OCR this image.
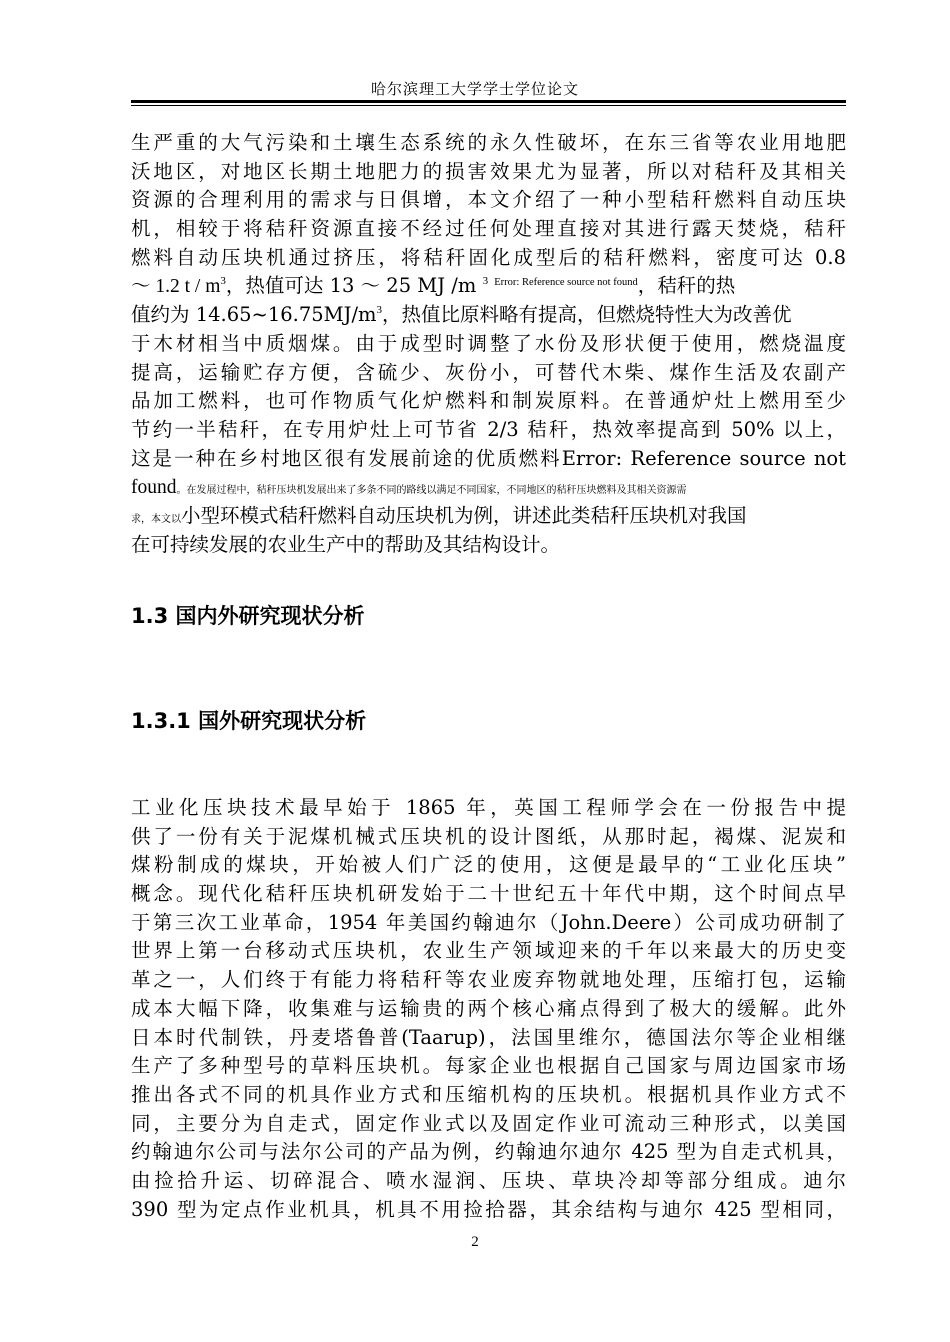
哈尔滨理工大学学士学位论文
生严重的大气污染和土壤生态系统的永久性破坏，在东三省等农业用地肥
沃地区，对地区长期土地肥力的损害效果尤为显著，所以对秸秆及其相关
资源的合理利用的需求与日俱增，本文介绍了一种小型秸秆燃料自动压块
机，相较于将秸秆资源直接不经过任何处理直接对其进行露天焚烧，秸秆
燃料自动压块机通过挤压，将秸秆固化成型后的秸秆燃料，密度可达 0.8
～ 1.2 t / $m^3$，热值可达 13 ～ 25 MJ /m $^3$ $^{Error: Reference source not found}$，秸秆的热
值约为 $14.65\sim 16.75MJ/m^3$，热值比原料略有提高，但燃烧特性大为改善优
于木材相当中质烟煤。由于成型时调整了水份及形状便于使用，燃烧温度
提高，运输贮存方便，含硫少、灰份小，可替代木柴、煤作生活及农副产
品加工燃料，也可作物质气化炉燃料和制炭原料。在普通炉灶上燃用至少
节约一半秸秆，在专用炉灶上可节省 2/3 秸秆，热效率提高到 50% 以上，
这是一种在乡村地区很有发展前途的优质燃料Error: Reference source not
found。在发展过程中，秸秆压块机发展出来了多条不同的路线以满足不同国家，不同地区的秸秆压块燃料及其相关资源需
求，本文以小型环模式秸秆燃料自动压块机为例，讲述此类秸秆压块机对我国
在可持续发展的农业生产中的帮助及其结构设计。
1.3 国内外研究现状分析
1.3.1 国外研究现状分析
工业化压块技术最早始于 1865 年，英国工程师学会在一份报告中提
供了一份有关于泥煤机械式压块机的设计图纸，从那时起，褐煤、泥炭和
煤粉制成的煤块，开始被人们广泛的使用，这便是最早的“工业化压块”
概念。现代化秸秆压块机研发始于二十世纪五十年代中期，这个时间点早
于第三次工业革命，1954 年美国约翰迪尔（John.Deere）公司成功研制了
世界上第一台移动式压块机，农业生产领域迎来的千年以来最大的历史变
革之一，人们终于有能力将秸秆等农业废弃物就地处理，压缩打包，运输
成本大幅下降，收集难与运输贵的两个核心痛点得到了极大的缓解。此外
日本时代制铁，丹麦塔鲁普(Taarup)，法国里维尔，德国法尔等企业相继
生产了多种型号的草料压块机。每家企业也根据自己国家与周边国家市场
推出各式不同的机具作业方式和压缩机构的压块机。根据机具作业方式不
同，主要分为自走式，固定作业式以及固定作业可流动三种形式，以美国
约翰迪尔公司与法尔公司的产品为例，约翰迪尔迪尔 425 型为自走式机具，
由捡拾升运、切碎混合、喷水湿润、压块、草块冷却等部分组成。迪尔
390 型为定点作业机具，机具不用捡拾器，其余结构与迪尔 425 型相同，
2
